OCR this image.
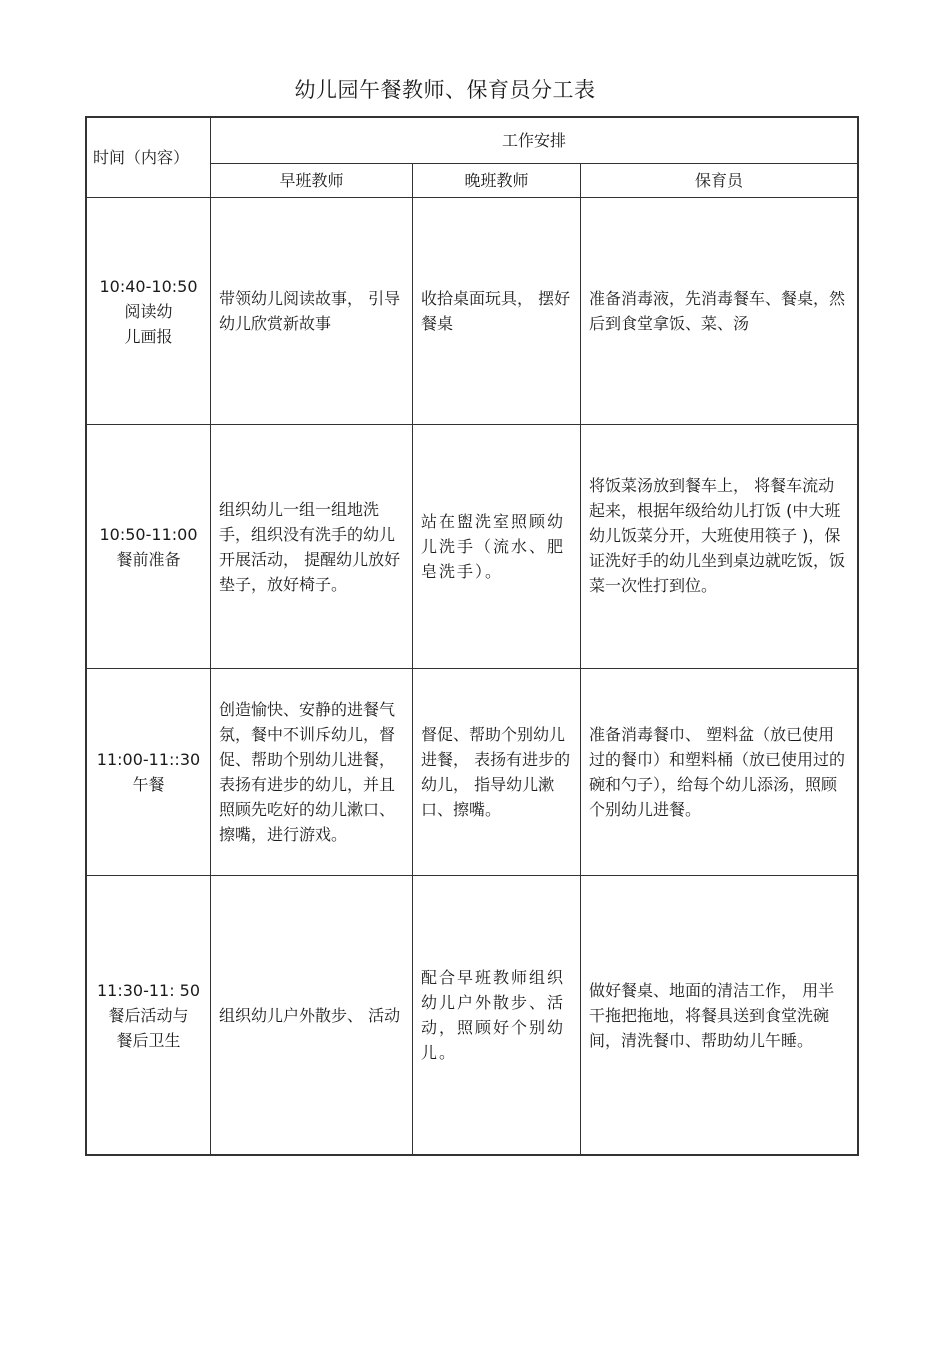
幼儿园午餐教师、保育员分工表
时间（内容）	工作安排		
	早班教师	晚班教师	保育员

10:40-10:50
阅读幼
儿画报	带领幼儿阅读故事， 引导幼儿欣赏新故事	收拾桌面玩具， 摆好餐桌	准备消毒液，先消毒餐车、餐桌，然后到食堂拿饭、菜、汤

10:50-11:00
餐前准备	组织幼儿一组一组地洗手，组织没有洗手的幼儿开展活动， 提醒幼儿放好垫子，放好椅子。	站在盥洗室照顾幼儿洗手（流水、肥皂洗手）。	将饭菜汤放到餐车上， 将餐车流动起来，根据年级给幼儿打饭 (中大班幼儿饭菜分开，大班使用筷子 )，保证洗好手的幼儿坐到桌边就吃饭，饭菜一次性打到位。

11:00-11::30
午餐	创造愉快、安静的进餐气氛，餐中不训斥幼儿，督促、帮助个别幼儿进餐，表扬有进步的幼儿，并且照顾先吃好的幼儿漱口、 擦嘴，进行游戏。	督促、帮助个别幼儿进餐， 表扬有进步的幼儿， 指导幼儿漱口、擦嘴。	准备消毒餐巾、 塑料盆（放已使用过的餐巾）和塑料桶（放已使用过的碗和勺子），给每个幼儿添汤，照顾个别幼儿进餐。

11:30-11: 50
餐后活动与
餐后卫生	组织幼儿户外散步、 活动	配合早班教师组织幼儿户外散步、活动，照顾好个别幼儿。	做好餐桌、地面的清洁工作， 用半干拖把拖地，将餐具送到食堂洗碗间，清洗餐巾、帮助幼儿午睡。
